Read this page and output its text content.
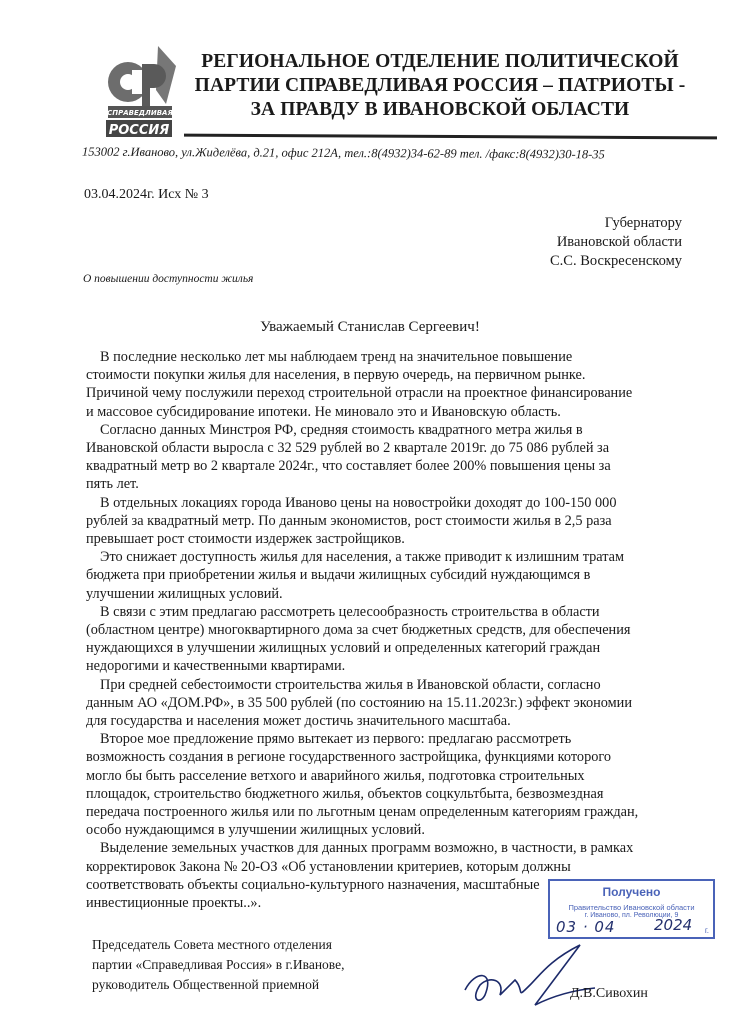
СПРАВЕДЛИВАЯ
РОССИЯ
РЕГИОНАЛЬНОЕ ОТДЕЛЕНИЕ ПОЛИТИЧЕСКОЙ
ПАРТИИ СПРАВЕДЛИВАЯ РОССИЯ – ПАТРИОТЫ -
ЗА ПРАВДУ В ИВАНОВСКОЙ ОБЛАСТИ
153002 г.Иваново, ул.Жиделёва, д.21, офис 212А, тел.:8(4932)34-62-89 тел. /факс:8(4932)30-18-35
03.04.2024г. Исх № 3
Губернатору
Ивановской области
С.С. Воскресенскому
О повышении доступности жилья
Уважаемый Станислав Сергеевич!
В последние несколько лет мы наблюдаем тренд на значительное повышение
стоимости покупки жилья для населения, в первую очередь, на первичном рынке.
Причиной чему послужили переход строительной отрасли на проектное финансирование
и массовое субсидирование ипотеки. Не миновало это и Ивановскую область.
Согласно данных Минстроя РФ, средняя стоимость квадратного метра жилья в
Ивановской области выросла с 32 529 рублей во 2 квартале 2019г. до 75 086 рублей за
квадратный метр во 2 квартале 2024г., что составляет более 200% повышения цены за
пять лет.
В отдельных локациях города Иваново цены на новостройки доходят до 100-150 000
рублей за квадратный метр. По данным экономистов, рост стоимости жилья в 2,5 раза
превышает рост стоимости издержек застройщиков.
Это снижает доступность жилья для населения, а также приводит к излишним тратам
бюджета при приобретении жилья и выдачи жилищных субсидий нуждающимся в
улучшении жилищных условий.
В связи с этим предлагаю рассмотреть целесообразность строительства в области
(областном центре) многоквартирного дома за счет бюджетных средств, для обеспечения
нуждающихся в улучшении жилищных условий и определенных категорий граждан
недорогими и качественными квартирами.
При средней себестоимости строительства жилья в Ивановской области, согласно
данным АО «ДОМ.РФ», в 35 500 рублей (по состоянию на 15.11.2023г.) эффект экономии
для государства и населения может достичь значительного масштаба.
Второе мое предложение прямо вытекает из первого: предлагаю рассмотреть
возможность создания в регионе государственного застройщика, функциями которого
могло бы быть расселение ветхого и аварийного жилья, подготовка строительных
площадок, строительство бюджетного жилья, объектов соцкультбыта, безвозмездная
передача построенного жилья или по льготным ценам определенным категориям граждан,
особо нуждающимся в улучшении жилищных условий.
Выделение земельных участков для данных программ возможно, в частности, в рамках
корректировок Закона № 20-ОЗ «Об установлении критериев, которым должны
соответствовать объекты социально-культурного назначения, масштабные
инвестиционные проекты..».
Председатель Совета местного отделения
партии «Справедливая Россия» в г.Иванове,
руководитель Общественной приемной
Д.В.Сивохин
Получено
Правительство Ивановской области
г. Иваново, пл. Революции, 9
03 · 04	2024 г.
